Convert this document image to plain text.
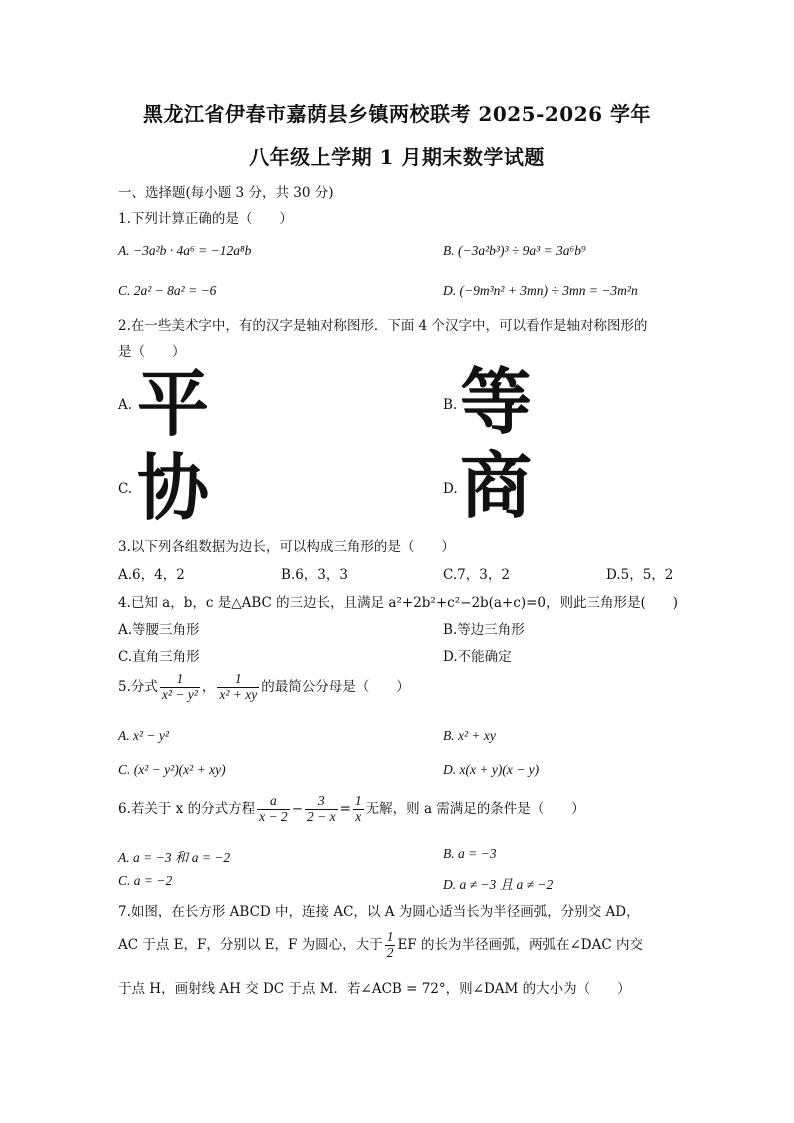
黑龙江省伊春市嘉荫县乡镇两校联考 2025-2026 学年
八年级上学期 1 月期末数学试题
一、选择题(每小题 3 分，共 30 分)
1.下列计算正确的是（　　）
A. −3a²b · 4a⁶ = −12a⁸b	B. (−3a²b³)³ ÷ 9a³ = 3a⁶b⁹
C. 2a² − 8a² = −6	D. (−9m³n² + 3mn) ÷ 3mn = −3m²n
2.在一些美术字中，有的汉字是轴对称图形．下面 4 个汉字中，可以看作是轴对称图形的
是（　　）
A. 平	B. 等
C. 协	D. 商
3.以下列各组数据为边长，可以构成三角形的是（　　）
A.6，4，2	B.6，3，3	C.7，3，2	D.5，5，2
4.已知 a，b，c 是△ABC 的三边长，且满足 a²+2b²+c²−2b(a+c)=0，则此三角形是(　　)
A.等腰三角形	B.等边三角形
C.直角三角形	D.不能确定
5.分式 $\frac{1}{\text{x² − y²}}$ ， $\frac{1}{\text{x² + xy}}$ 的最简公分母是（　　）
A. x² − y²	B. x² + xy
C. (x² − y²)(x² + xy)	D. x(x + y)(x − y)
6.若关于 x 的分式方程 $\frac{a}{x - 2} - \frac{3}{2 - x} = \frac{1}{x}$ 无解，则 a 需满足的条件是（　　）
A. a = −3 和 a = −2	B. a = −3
C. a = −2	D. a ≠ −3 且 a ≠ −2
7.如图，在长方形 ABCD 中，连接 AC，以 A 为圆心适当长为半径画弧，分别交 AD，
AC 于点 E，F，分别以 E，F 为圆心，大于 $\frac{1}{2}$ EF 的长为半径画弧，两弧在∠DAC 内交
于点 H，画射线 AH 交 DC 于点 M．若∠ACB = 72°，则∠DAM 的大小为（　　）
